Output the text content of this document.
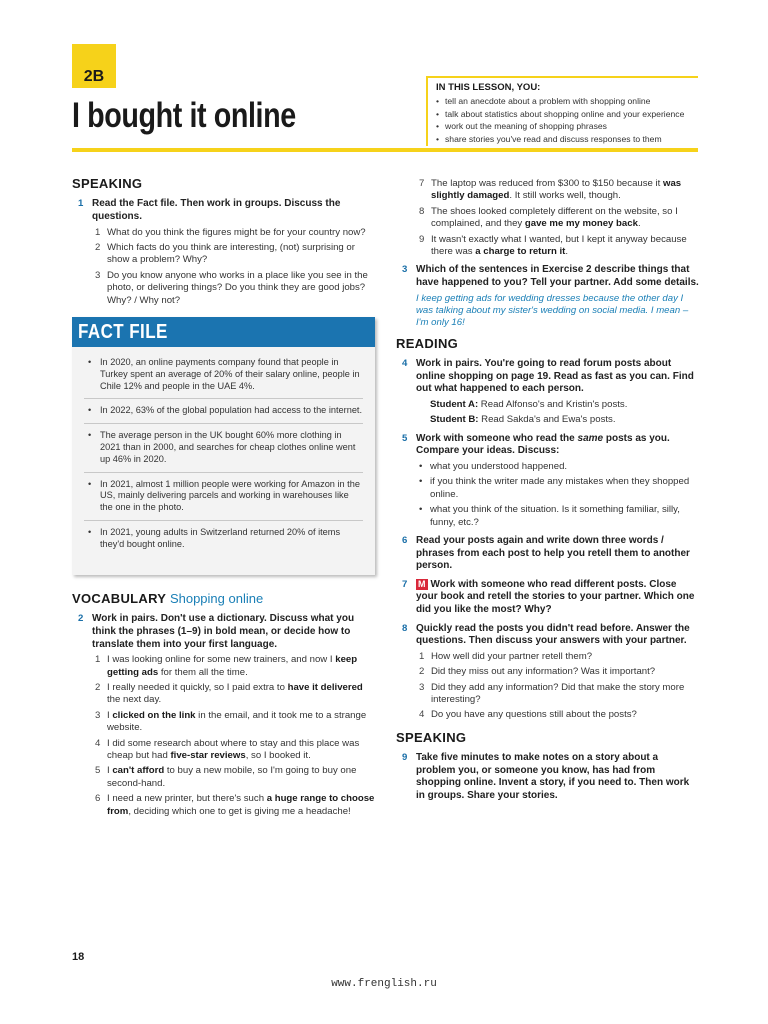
2B
I bought it online
IN THIS LESSON, YOU:
• tell an anecdote about a problem with shopping online
• talk about statistics about shopping online and your experience
• work out the meaning of shopping phrases
• share stories you've read and discuss responses to them
SPEAKING
1 Read the Fact file. Then work in groups. Discuss the questions.
1 What do you think the figures might be for your country now?
2 Which facts do you think are interesting, (not) surprising or show a problem? Why?
3 Do you know anyone who works in a place like you see in the photo, or delivering things? Do you think they are good jobs? Why? / Why not?
FACT FILE
• In 2020, an online payments company found that people in Turkey spent an average of 20% of their salary online, people in Chile 12% and people in the UAE 4%.
• In 2022, 63% of the global population had access to the internet.
• The average person in the UK bought 60% more clothing in 2021 than in 2000, and searches for cheap clothes online went up 46% in 2020.
• In 2021, almost 1 million people were working for Amazon in the US, mainly delivering parcels and working in warehouses like the one in the photo.
• In 2021, young adults in Switzerland returned 20% of items they'd bought online.
VOCABULARY Shopping online
2 Work in pairs. Don't use a dictionary. Discuss what you think the phrases (1–9) in bold mean, or decide how to translate them into your first language.
1 I was looking online for some new trainers, and now I keep getting ads for them all the time.
2 I really needed it quickly, so I paid extra to have it delivered the next day.
3 I clicked on the link in the email, and it took me to a strange website.
4 I did some research about where to stay and this place was cheap but had five-star reviews, so I booked it.
5 I can't afford to buy a new mobile, so I'm going to buy one second-hand.
6 I need a new printer, but there's such a huge range to choose from, deciding which one to get is giving me a headache!
7 The laptop was reduced from $300 to $150 because it was slightly damaged. It still works well, though.
8 The shoes looked completely different on the website, so I complained, and they gave me my money back.
9 It wasn't exactly what I wanted, but I kept it anyway because there was a charge to return it.
3 Which of the sentences in Exercise 2 describe things that have happened to you? Tell your partner. Add some details.
I keep getting ads for wedding dresses because the other day I was talking about my sister's wedding on social media. I mean – I'm only 16!
READING
4 Work in pairs. You're going to read forum posts about online shopping on page 19. Read as fast as you can. Find out what happened to each person.
Student A: Read Alfonso's and Kristin's posts.
Student B: Read Sakda's and Ewa's posts.
5 Work with someone who read the same posts as you. Compare your ideas. Discuss:
• what you understood happened.
• if you think the writer made any mistakes when they shopped online.
• what you think of the situation. Is it something familiar, silly, funny, etc.?
6 Read your posts again and write down three words / phrases from each post to help you retell them to another person.
7 M Work with someone who read different posts. Close your book and retell the stories to your partner. Which one did you like the most? Why?
8 Quickly read the posts you didn't read before. Answer the questions. Then discuss your answers with your partner.
1 How well did your partner retell them?
2 Did they miss out any information? Was it important?
3 Did they add any information? Did that make the story more interesting?
4 Do you have any questions still about the posts?
SPEAKING
9 Take five minutes to make notes on a story about a problem you, or someone you know, has had from shopping online. Invent a story, if you need to. Then work in groups. Share your stories.
18
www.frenglish.ru
